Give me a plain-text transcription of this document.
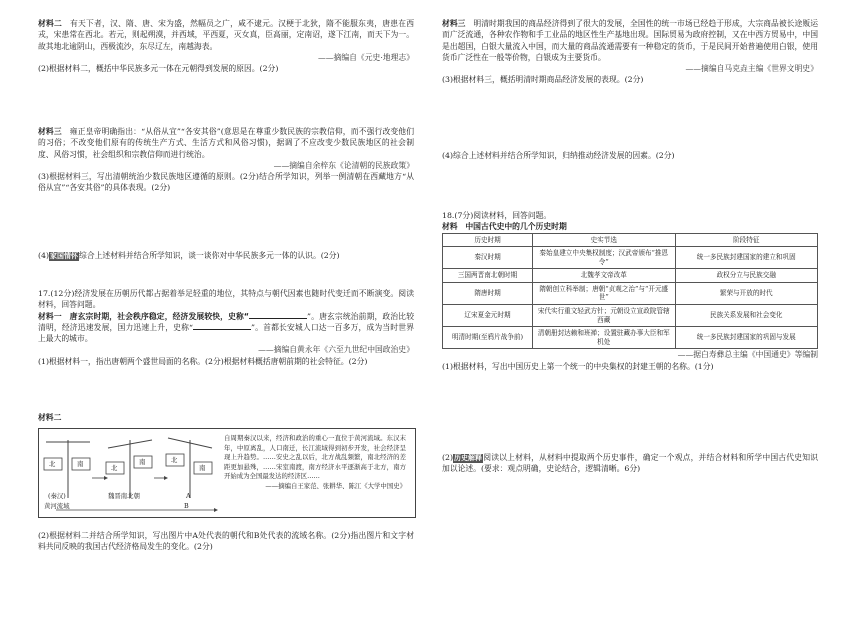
材料二　 有天下者，汉、隋、唐、宋为盛，然幅员之广，咸不逮元。汉梗于北狄，隋不能服东夷，唐患在西戎，宋患常在西北。若元，则起朔漠，并西域，平西夏，灭女真，臣高丽，定南诏，遂下江南，而天下为一。故其地北逾阴山，西极流沙，东尽辽左，南越海表。

——摘编自《元史·地理志》

(2)根据材料二，概括中华民族多元一体在元朝得到发展的原因。(2分)

材料三　 雍正皇帝明确指出：“从俗从宜”“各安其俗”(意思是在尊重少数民族的宗教信仰，而不强行改变他们的习俗；不改变他们原有的传统生产方式、生活方式和风俗习惯)，据调了不应改变少数民族地区的社会制度、风俗习惯，社会组织和宗教信仰而进行统治。

——摘编自余梓东《论清朝的民族政策》

(3)根据材料三，写出清朝统治少数民族地区遵循的原则。(2分)结合所学知识，列举一例清朝在西藏地方“从俗从宜”“各安其俗”的具体表现。(2分)

(4)家国情怀综合上述材料并结合所学知识，谈一谈你对中华民族多元一体的认识。(2分)

17.(12分)经济发展在历朝历代都占据着举足轻重的地位，其特点与朝代因素也随时代变迁而不断演变。阅读材料，回答问题。

材料一　唐玄宗时期，社会秩序稳定，经济发展较快，史称“	”。唐玄宗统治前期，政治比较清明，经济迅速发展，国力迅速上升，史称“	”。首都长安城人口达一百多万，成为当时世界上最大的城市。

——摘编自黄永年《六至九世纪中国政治史》

(1)根据材料一，指出唐朝两个盛世局面的名称。(2分)根据材料概括唐朝前期的社会特征。(2分)

材料二

北	南	北
南	北
南
(秦汉)	魏晋南北朝	A
黄河流域	B
自周期秦汉以来，经济和政治的重心一直位于黄河流域。东汉末年，中原离乱，人口南迁，长江流域得到初步开发，社会经济呈现上升趋势。……安史之乱以后，北方战乱频繁，南北经济的差距更加悬殊，……宋室南渡，南方经济水平逐渐高于北方，南方开始成为全国最发达的经济区……
——摘编自王家范、张耕华、陈江《大学中国史》

(2)根据材料二并结合所学知识，写出图片中A处代表的朝代和B处代表的流域名称。(2分)指出图片和文字材料共同反映的我国古代经济格局发生的变化。(2分)

材料三　 明清时期我国的商品经济得到了很大的发展，全国性的统一市场已经趋于形成，大宗商品被长途贩运而广泛流通，各种农作物和手工业品的地区性生产基地出现。国际贸易为政府控制，又在中西方贸易中，中国是出超国，白银大量流入中国，而大量的商品流通需要有一种稳定的货币，于是民间开始普遍使用白银，使用货币广泛性在一般等价物，白银成为主要货币。

——摘编自马克垚主编《世界文明史》

(3)根据材料三，概括明清时期商品经济发展的表现。(2分)

(4)综合上述材料并结合所学知识，归纳推动经济发展的因素。(2分)

18.(7分)阅读材料，回答问题。

材料　中国古代史中的几个历史时期

历史时期	史实节选	阶段特征
秦汉时期	秦始皇建立中央集权制度；汉武帝颁布“推恩令”	统一多民族封建国家的建立和巩固
三国两晋南北朝时期	北魏孝文帝改革	政权分立与民族交融
隋唐时期	隋朝创立科举制；唐朝“贞观之治”与“开元盛世”	繁荣与开放的时代
辽宋夏金元时期	宋代实行重文轻武方针；元朝设立宣政院管辖西藏	民族关系发展和社会变化
明清时期(至鸦片战争前)	清朝册封达赖和班禅；设置驻藏办事大臣和军机处	统一多民族封建国家的巩固与发展

——据白寿彝总主编《中国通史》等编制

(1)根据材料，写出中国历史上第一个统一的中央集权的封建王朝的名称。(1分)

(2)历史解释阅读以上材料，从材料中提取两个历史事件，确定一个观点，并结合材料和所学中国古代史知识加以论述。(要求：观点明确，史论结合，逻辑清晰。6分)
